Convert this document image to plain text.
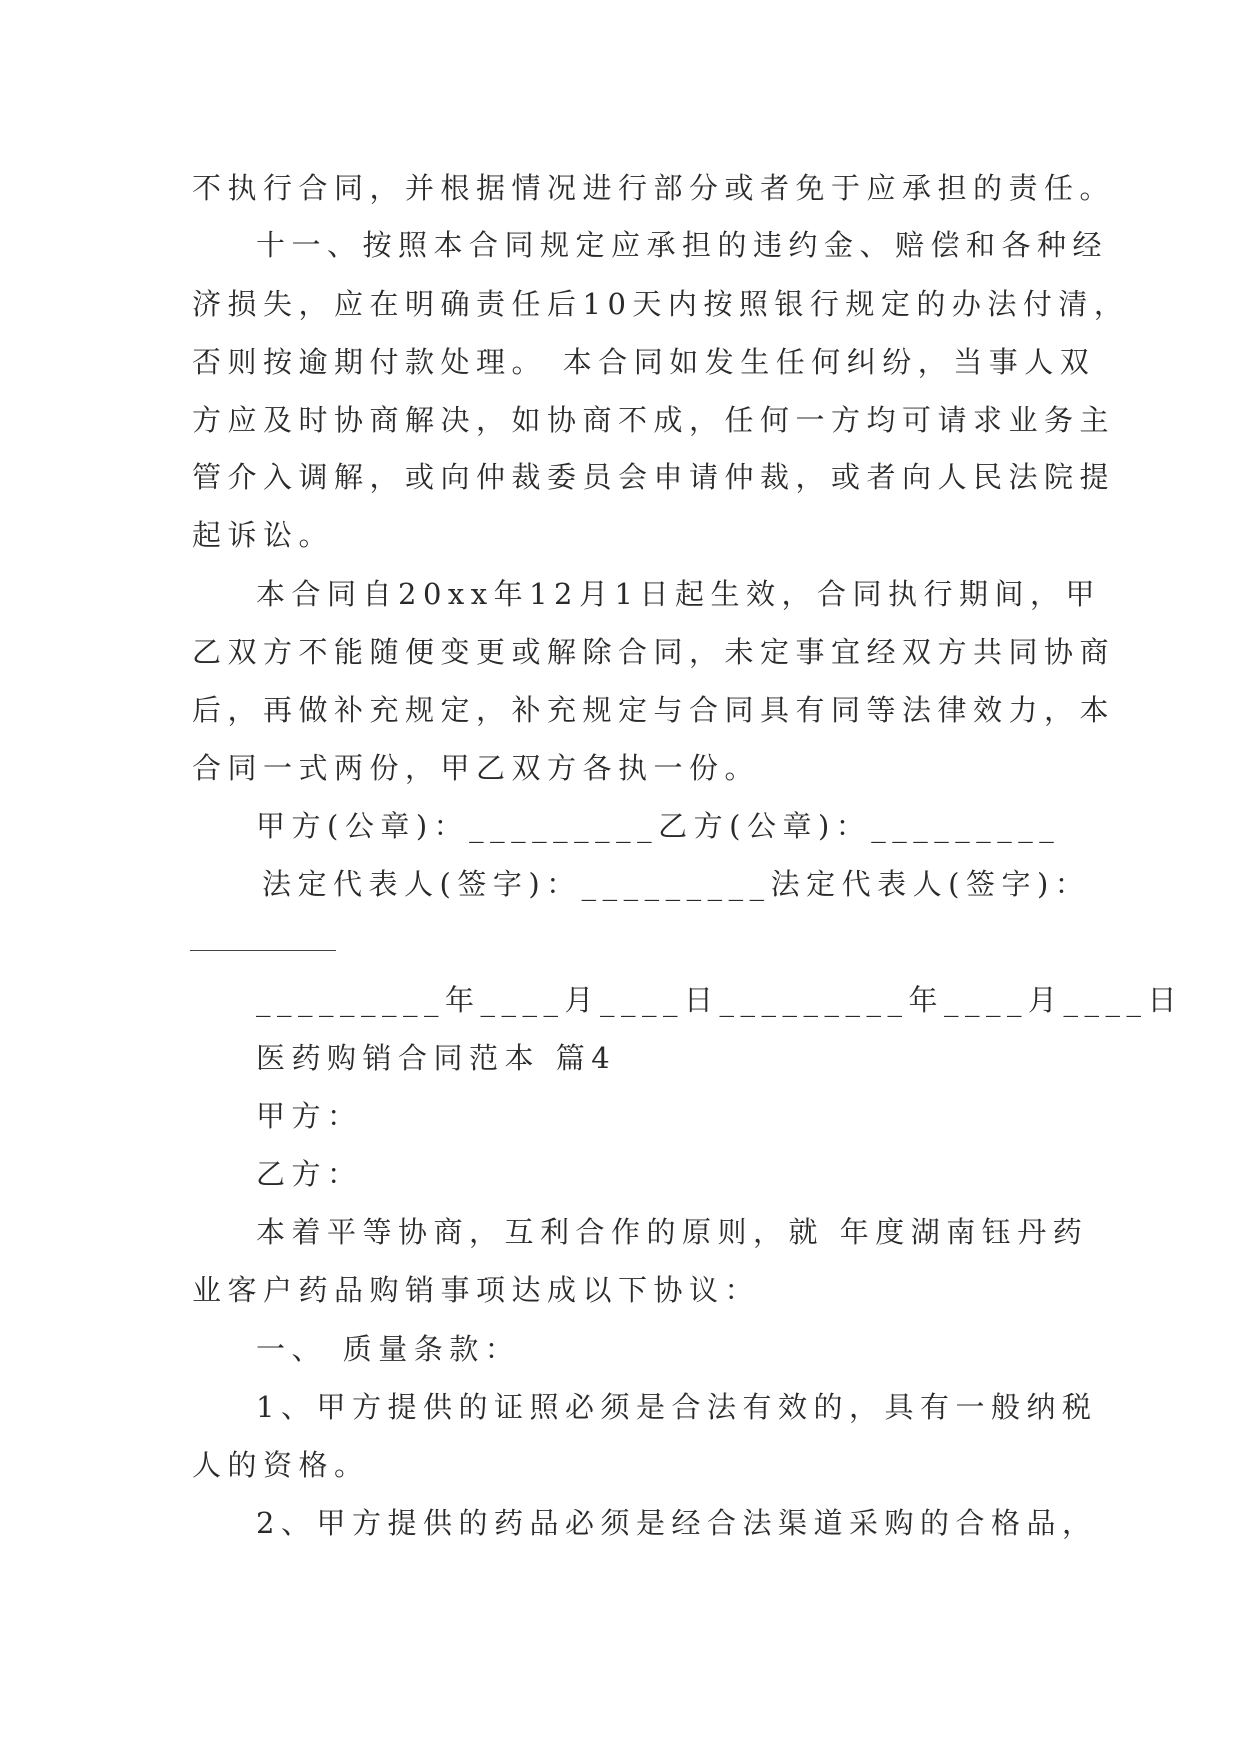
不执行合同，并根据情况进行部分或者免于应承担的责任。
十一、按照本合同规定应承担的违约金、赔偿和各种经
济损失，应在明确责任后10天内按照银行规定的办法付清，
否则按逾期付款处理。 本合同如发生任何纠纷，当事人双
方应及时协商解决，如协商不成，任何一方均可请求业务主
管介入调解，或向仲裁委员会申请仲裁，或者向人民法院提
起诉讼。
本合同自20xx年12月1日起生效，合同执行期间，甲
乙双方不能随便变更或解除合同，未定事宜经双方共同协商
后，再做补充规定，补充规定与合同具有同等法律效力，本
合同一式两份，甲乙双方各执一份。
甲方(公章)：_________乙方(公章)：_________
法定代表人(签字)：_________法定代表人(签字)：
_________年____月____日_________年____月____日
医药购销合同范本 篇4
甲方：
乙方：
本着平等协商，互利合作的原则，就 年度湖南钰丹药
业客户药品购销事项达成以下协议：
一、 质量条款：
1、甲方提供的证照必须是合法有效的，具有一般纳税
人的资格。
2、甲方提供的药品必须是经合法渠道采购的合格品，
